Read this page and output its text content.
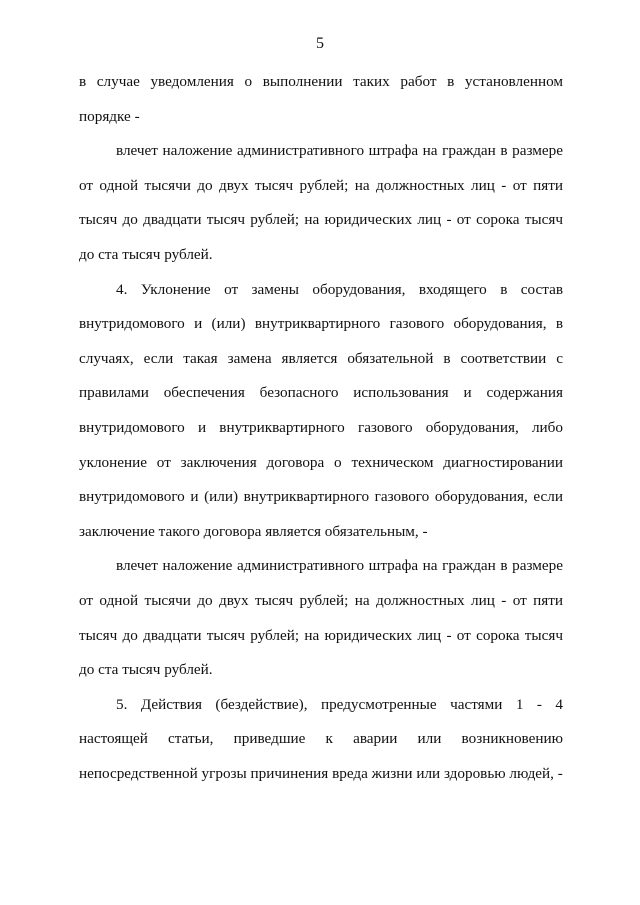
5

в случае уведомления о выполнении таких работ в установленном порядке -

влечет наложение административного штрафа на граждан в размере от одной тысячи до двух тысяч рублей; на должностных лиц - от пяти тысяч до двадцати тысяч рублей; на юридических лиц - от сорока тысяч до ста тысяч рублей.

4. Уклонение от замены оборудования, входящего в состав внутридомового и (или) внутриквартирного газового оборудования, в случаях, если такая замена является обязательной в соответствии с правилами обеспечения безопасного использования и содержания внутридомового и внутриквартирного газового оборудования, либо уклонение от заключения договора о техническом диагностировании внутридомового и (или) внутриквартирного газового оборудования, если заключение такого договора является обязательным, -

влечет наложение административного штрафа на граждан в размере от одной тысячи до двух тысяч рублей; на должностных лиц - от пяти тысяч до двадцати тысяч рублей; на юридических лиц - от сорока тысяч до ста тысяч рублей.

5. Действия (бездействие), предусмотренные частями 1 - 4 настоящей статьи, приведшие к аварии или возникновению непосредственной угрозы причинения вреда жизни или здоровью людей, -
